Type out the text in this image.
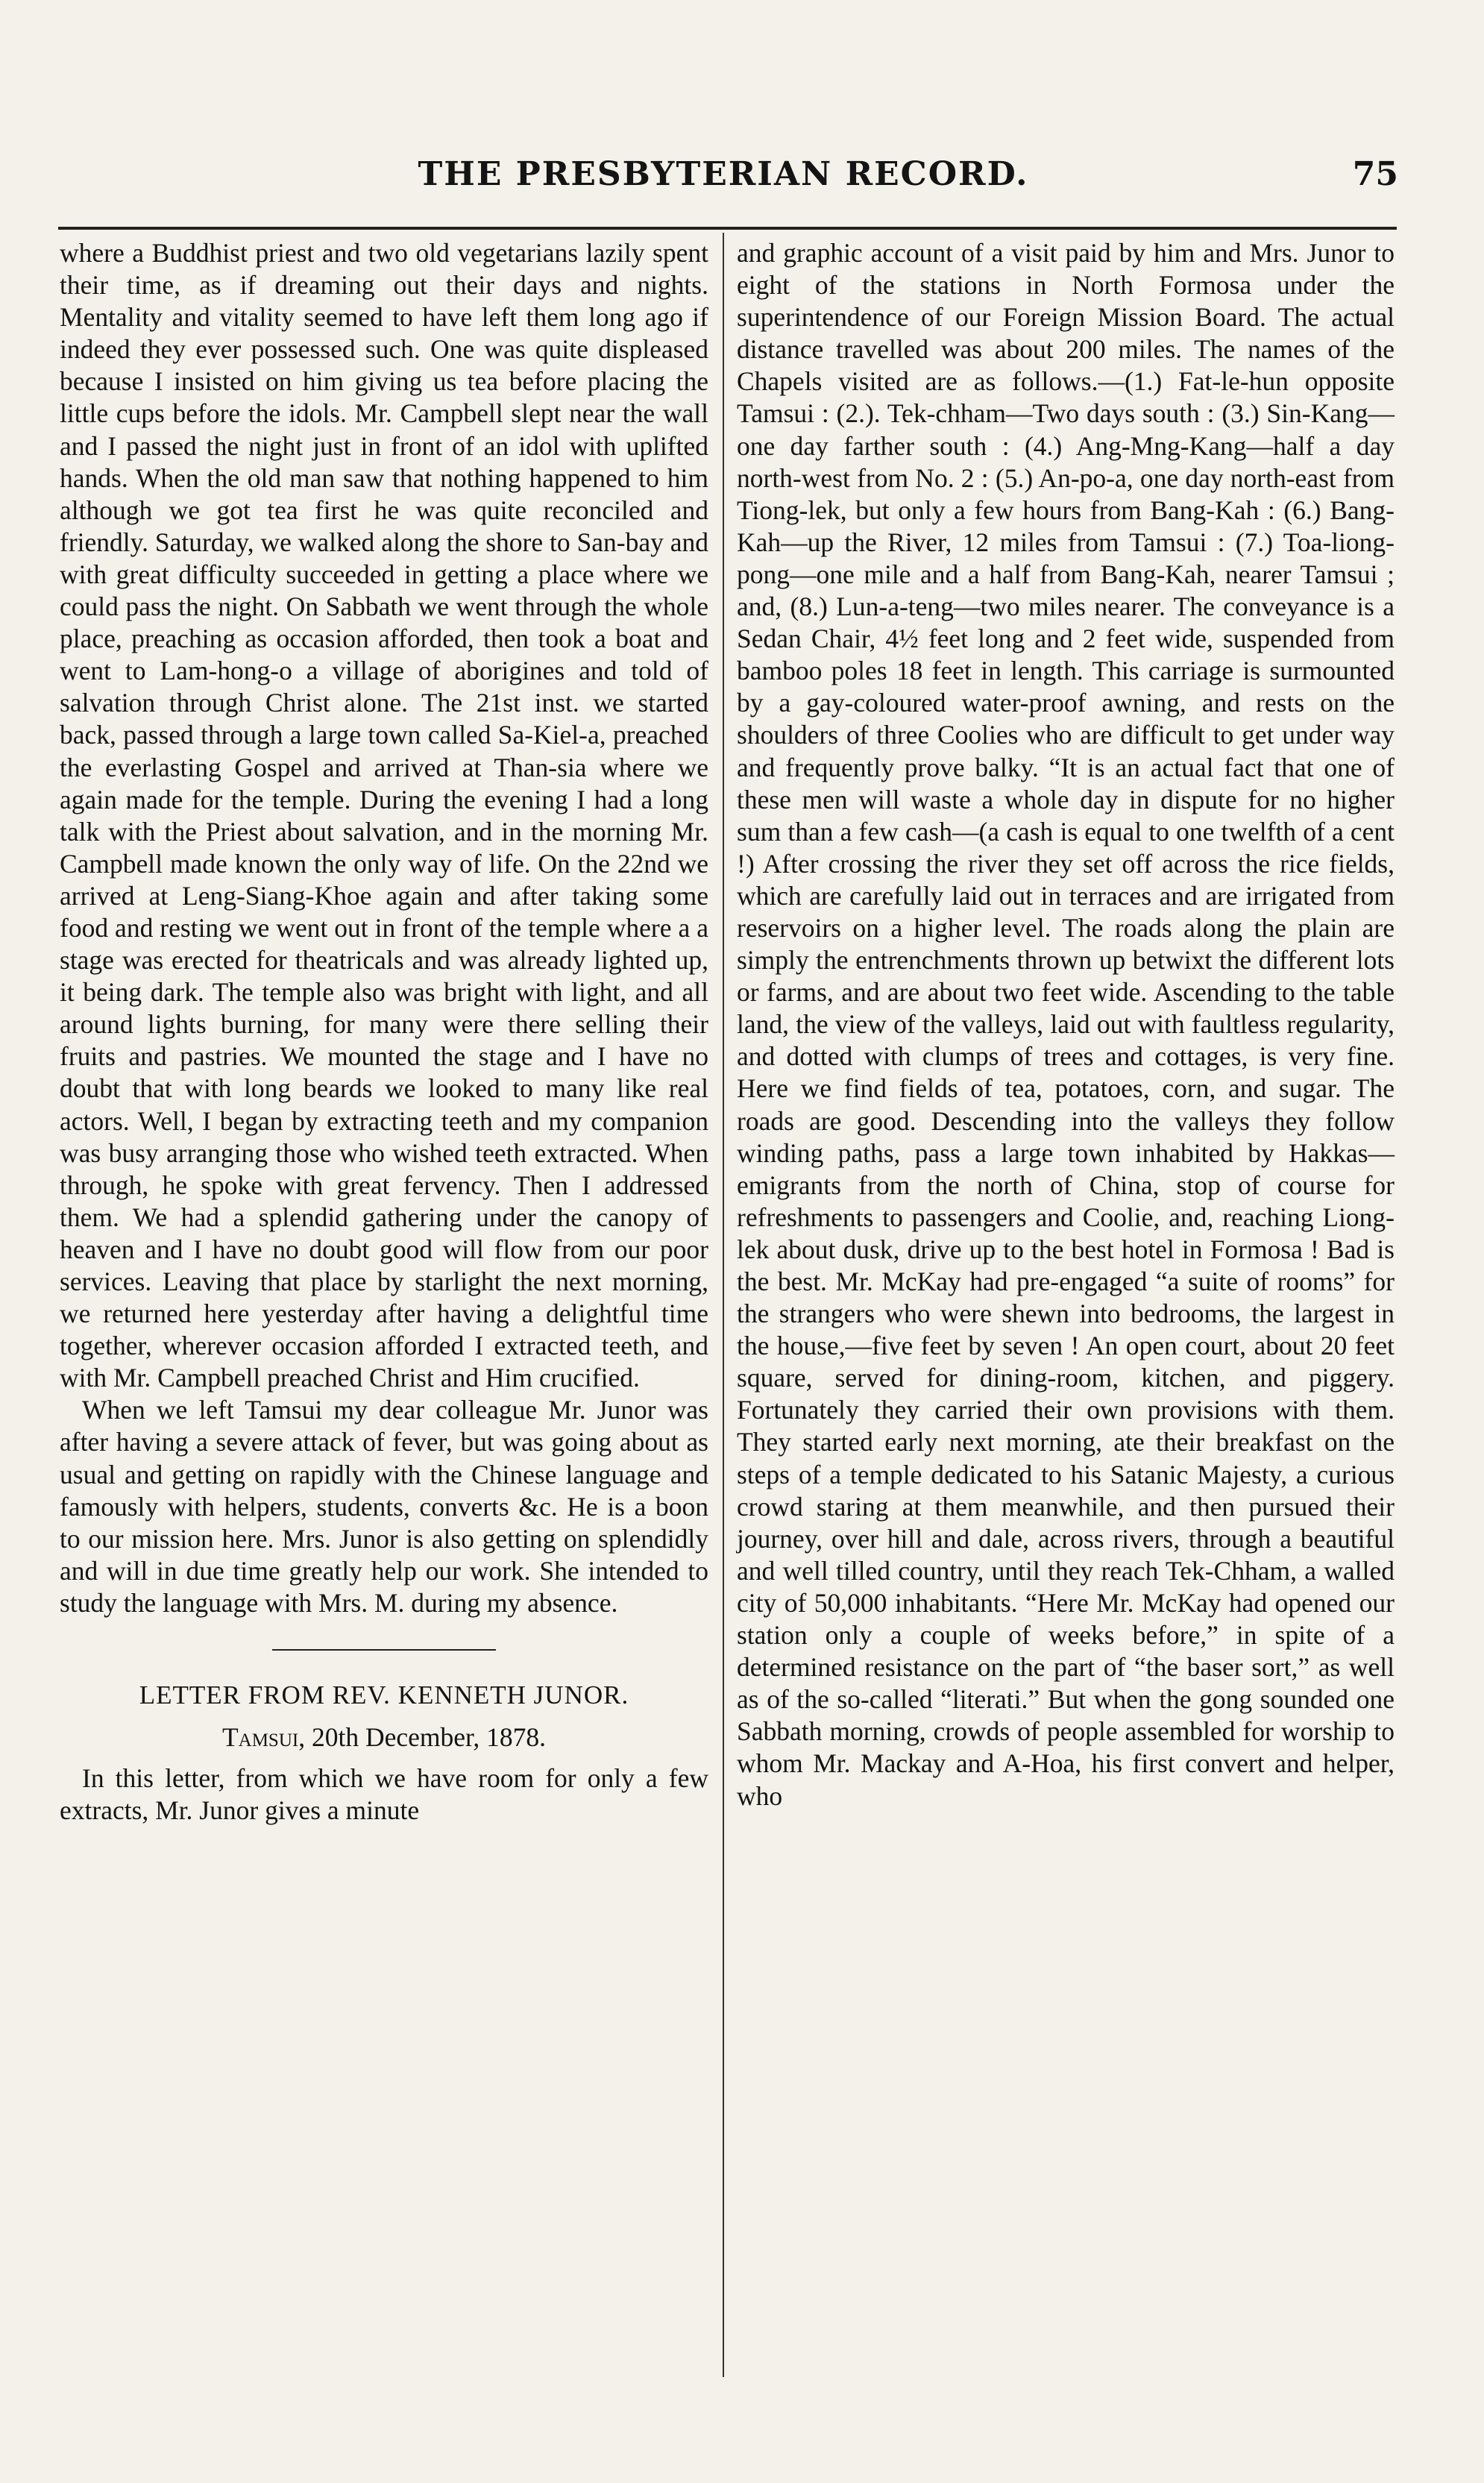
THE PRESBYTERIAN RECORD.	75

where a Buddhist priest and two old vegetarians lazily spent their time, as if dreaming out their days and nights. Mentality and vitality seemed to have left them long ago if indeed they ever possessed such. One was quite displeased because I insisted on him giving us tea before placing the little cups before the idols. Mr. Campbell slept near the wall and I passed the night just in front of an idol with uplifted hands. When the old man saw that nothing happened to him although we got tea first he was quite reconciled and friendly. Saturday, we walked along the shore to San-bay and with great difficulty succeeded in getting a place where we could pass the night. On Sabbath we went through the whole place, preaching as occasion afforded, then took a boat and went to Lam-hong-o a village of aborigines and told of salvation through Christ alone. The 21st inst. we started back, passed through a large town called Sa-Kiel-a, preached the everlasting Gospel and arrived at Than-sia where we again made for the temple. During the evening I had a long talk with the Priest about salvation, and in the morning Mr. Campbell made known the only way of life. On the 22nd we arrived at Leng-Siang-Khoe again and after taking some food and resting we went out in front of the temple where a a stage was erected for theatricals and was already lighted up, it being dark. The temple also was bright with light, and all around lights burning, for many were there selling their fruits and pastries. We mounted the stage and I have no doubt that with long beards we looked to many like real actors. Well, I began by extracting teeth and my companion was busy arranging those who wished teeth extracted. When through, he spoke with great fervency. Then I addressed them. We had a splendid gathering under the canopy of heaven and I have no doubt good will flow from our poor services. Leaving that place by starlight the next morning, we returned here yesterday after having a delightful time together, wherever occasion afforded I extracted teeth, and with Mr. Campbell preached Christ and Him crucified.

When we left Tamsui my dear colleague Mr. Junor was after having a severe attack of fever, but was going about as usual and getting on rapidly with the Chinese language and famously with helpers, students, converts &c. He is a boon to our mission here. Mrs. Junor is also getting on splendidly and will in due time greatly help our work. She intended to study the language with Mrs. M. during my absence.

LETTER FROM REV. KENNETH JUNOR.
Tamsui, 20th December, 1878.

In this letter, from which we have room for only a few extracts, Mr. Junor gives a minute

and graphic account of a visit paid by him and Mrs. Junor to eight of the stations in North Formosa under the superintendence of our Foreign Mission Board. The actual distance travelled was about 200 miles. The names of the Chapels visited are as follows.—(1.) Fat-le-hun opposite Tamsui : (2.). Tek-chham—Two days south : (3.) Sin-Kang— one day farther south : (4.) Ang-Mng-Kang—half a day north-west from No. 2 : (5.) An-po-a, one day north-east from Tiong-lek, but only a few hours from Bang-Kah : (6.) Bang-Kah—up the River, 12 miles from Tamsui : (7.) Toa-liong-pong—one mile and a half from Bang-Kah, nearer Tamsui ; and, (8.) Lun-a-teng—two miles nearer. The conveyance is a Sedan Chair, 4½ feet long and 2 feet wide, suspended from bamboo poles 18 feet in length. This carriage is surmounted by a gay-coloured water-proof awning, and rests on the shoulders of three Coolies who are difficult to get under way and frequently prove balky. “It is an actual fact that one of these men will waste a whole day in dispute for no higher sum than a few cash—(a cash is equal to one twelfth of a cent !) After crossing the river they set off across the rice fields, which are carefully laid out in terraces and are irrigated from reservoirs on a higher level. The roads along the plain are simply the entrenchments thrown up betwixt the different lots or farms, and are about two feet wide. Ascending to the table land, the view of the valleys, laid out with faultless regularity, and dotted with clumps of trees and cottages, is very fine. Here we find fields of tea, potatoes, corn, and sugar. The roads are good. Descending into the valleys they follow winding paths, pass a large town inhabited by Hakkas—emigrants from the north of China, stop of course for refreshments to passengers and Coolie, and, reaching Liong-lek about dusk, drive up to the best hotel in Formosa ! Bad is the best. Mr. McKay had pre-engaged “a suite of rooms” for the strangers who were shewn into bedrooms, the largest in the house,—five feet by seven ! An open court, about 20 feet square, served for dining-room, kitchen, and piggery. Fortunately they carried their own provisions with them. They started early next morning, ate their breakfast on the steps of a temple dedicated to his Satanic Majesty, a curious crowd staring at them meanwhile, and then pursued their journey, over hill and dale, across rivers, through a beautiful and well tilled country, until they reach Tek-Chham, a walled city of 50,000 inhabitants. “Here Mr. McKay had opened our station only a couple of weeks before,” in spite of a determined resistance on the part of “the baser sort,” as well as of the so-called “literati.” But when the gong sounded one Sabbath morning, crowds of people assembled for worship to whom Mr. Mackay and A-Hoa, his first convert and helper, who
